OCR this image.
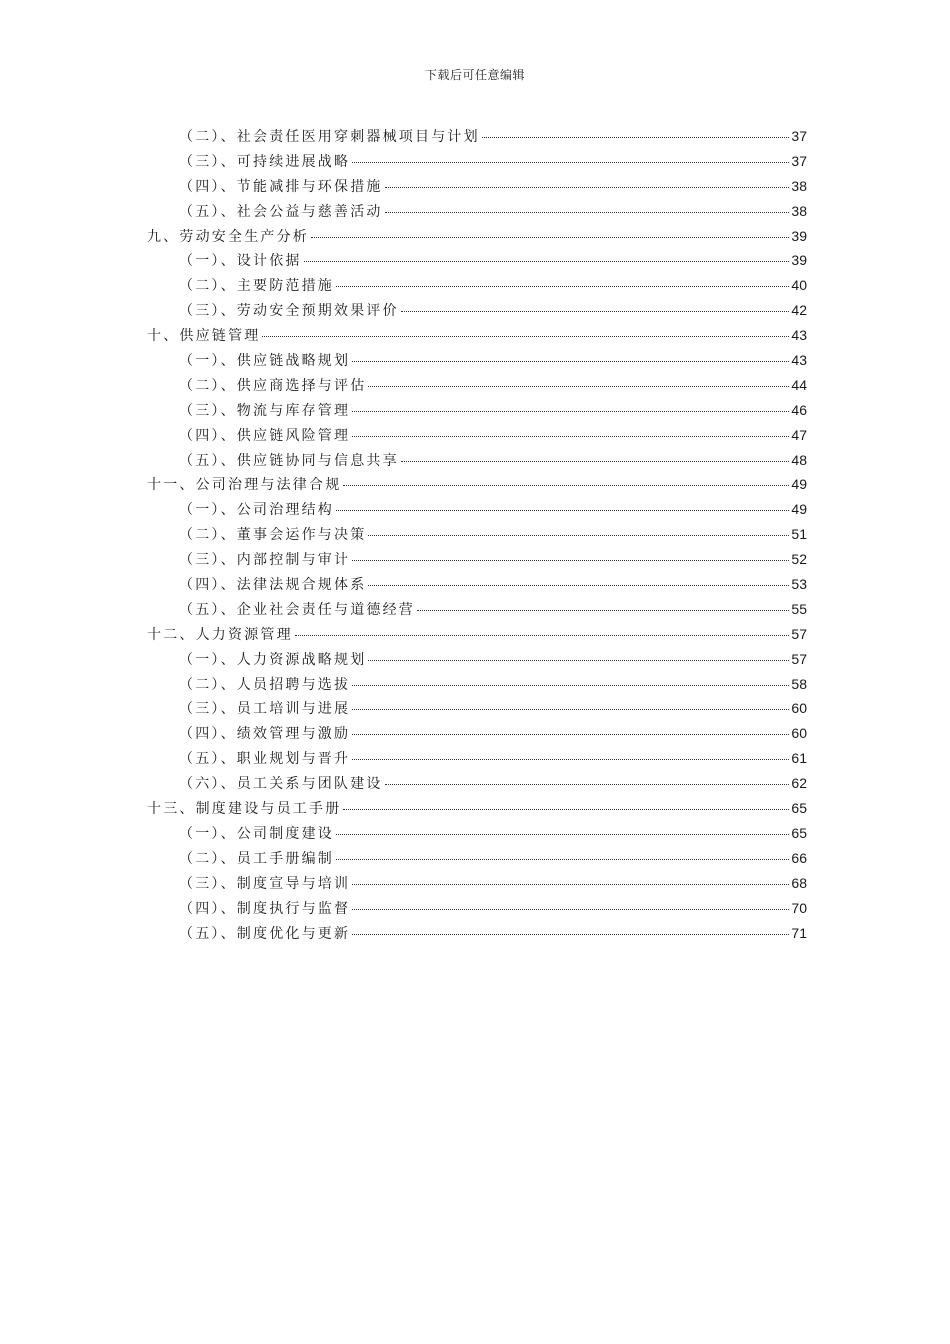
下载后可任意编辑
（二）、社会责任医用穿刺器械项目与计划	37
（三）、可持续进展战略	37
（四）、节能减排与环保措施	38
（五）、社会公益与慈善活动	38
九、劳动安全生产分析	39
（一）、设计依据	39
（二）、主要防范措施	40
（三）、劳动安全预期效果评价	42
十、供应链管理	43
（一）、供应链战略规划	43
（二）、供应商选择与评估	44
（三）、物流与库存管理	46
（四）、供应链风险管理	47
（五）、供应链协同与信息共享	48
十一、公司治理与法律合规	49
（一）、公司治理结构	49
（二）、董事会运作与决策	51
（三）、内部控制与审计	52
（四）、法律法规合规体系	53
（五）、企业社会责任与道德经营	55
十二、人力资源管理	57
（一）、人力资源战略规划	57
（二）、人员招聘与选拔	58
（三）、员工培训与进展	60
（四）、绩效管理与激励	60
（五）、职业规划与晋升	61
（六）、员工关系与团队建设	62
十三、制度建设与员工手册	65
（一）、公司制度建设	65
（二）、员工手册编制	66
（三）、制度宣导与培训	68
（四）、制度执行与监督	70
（五）、制度优化与更新	71
